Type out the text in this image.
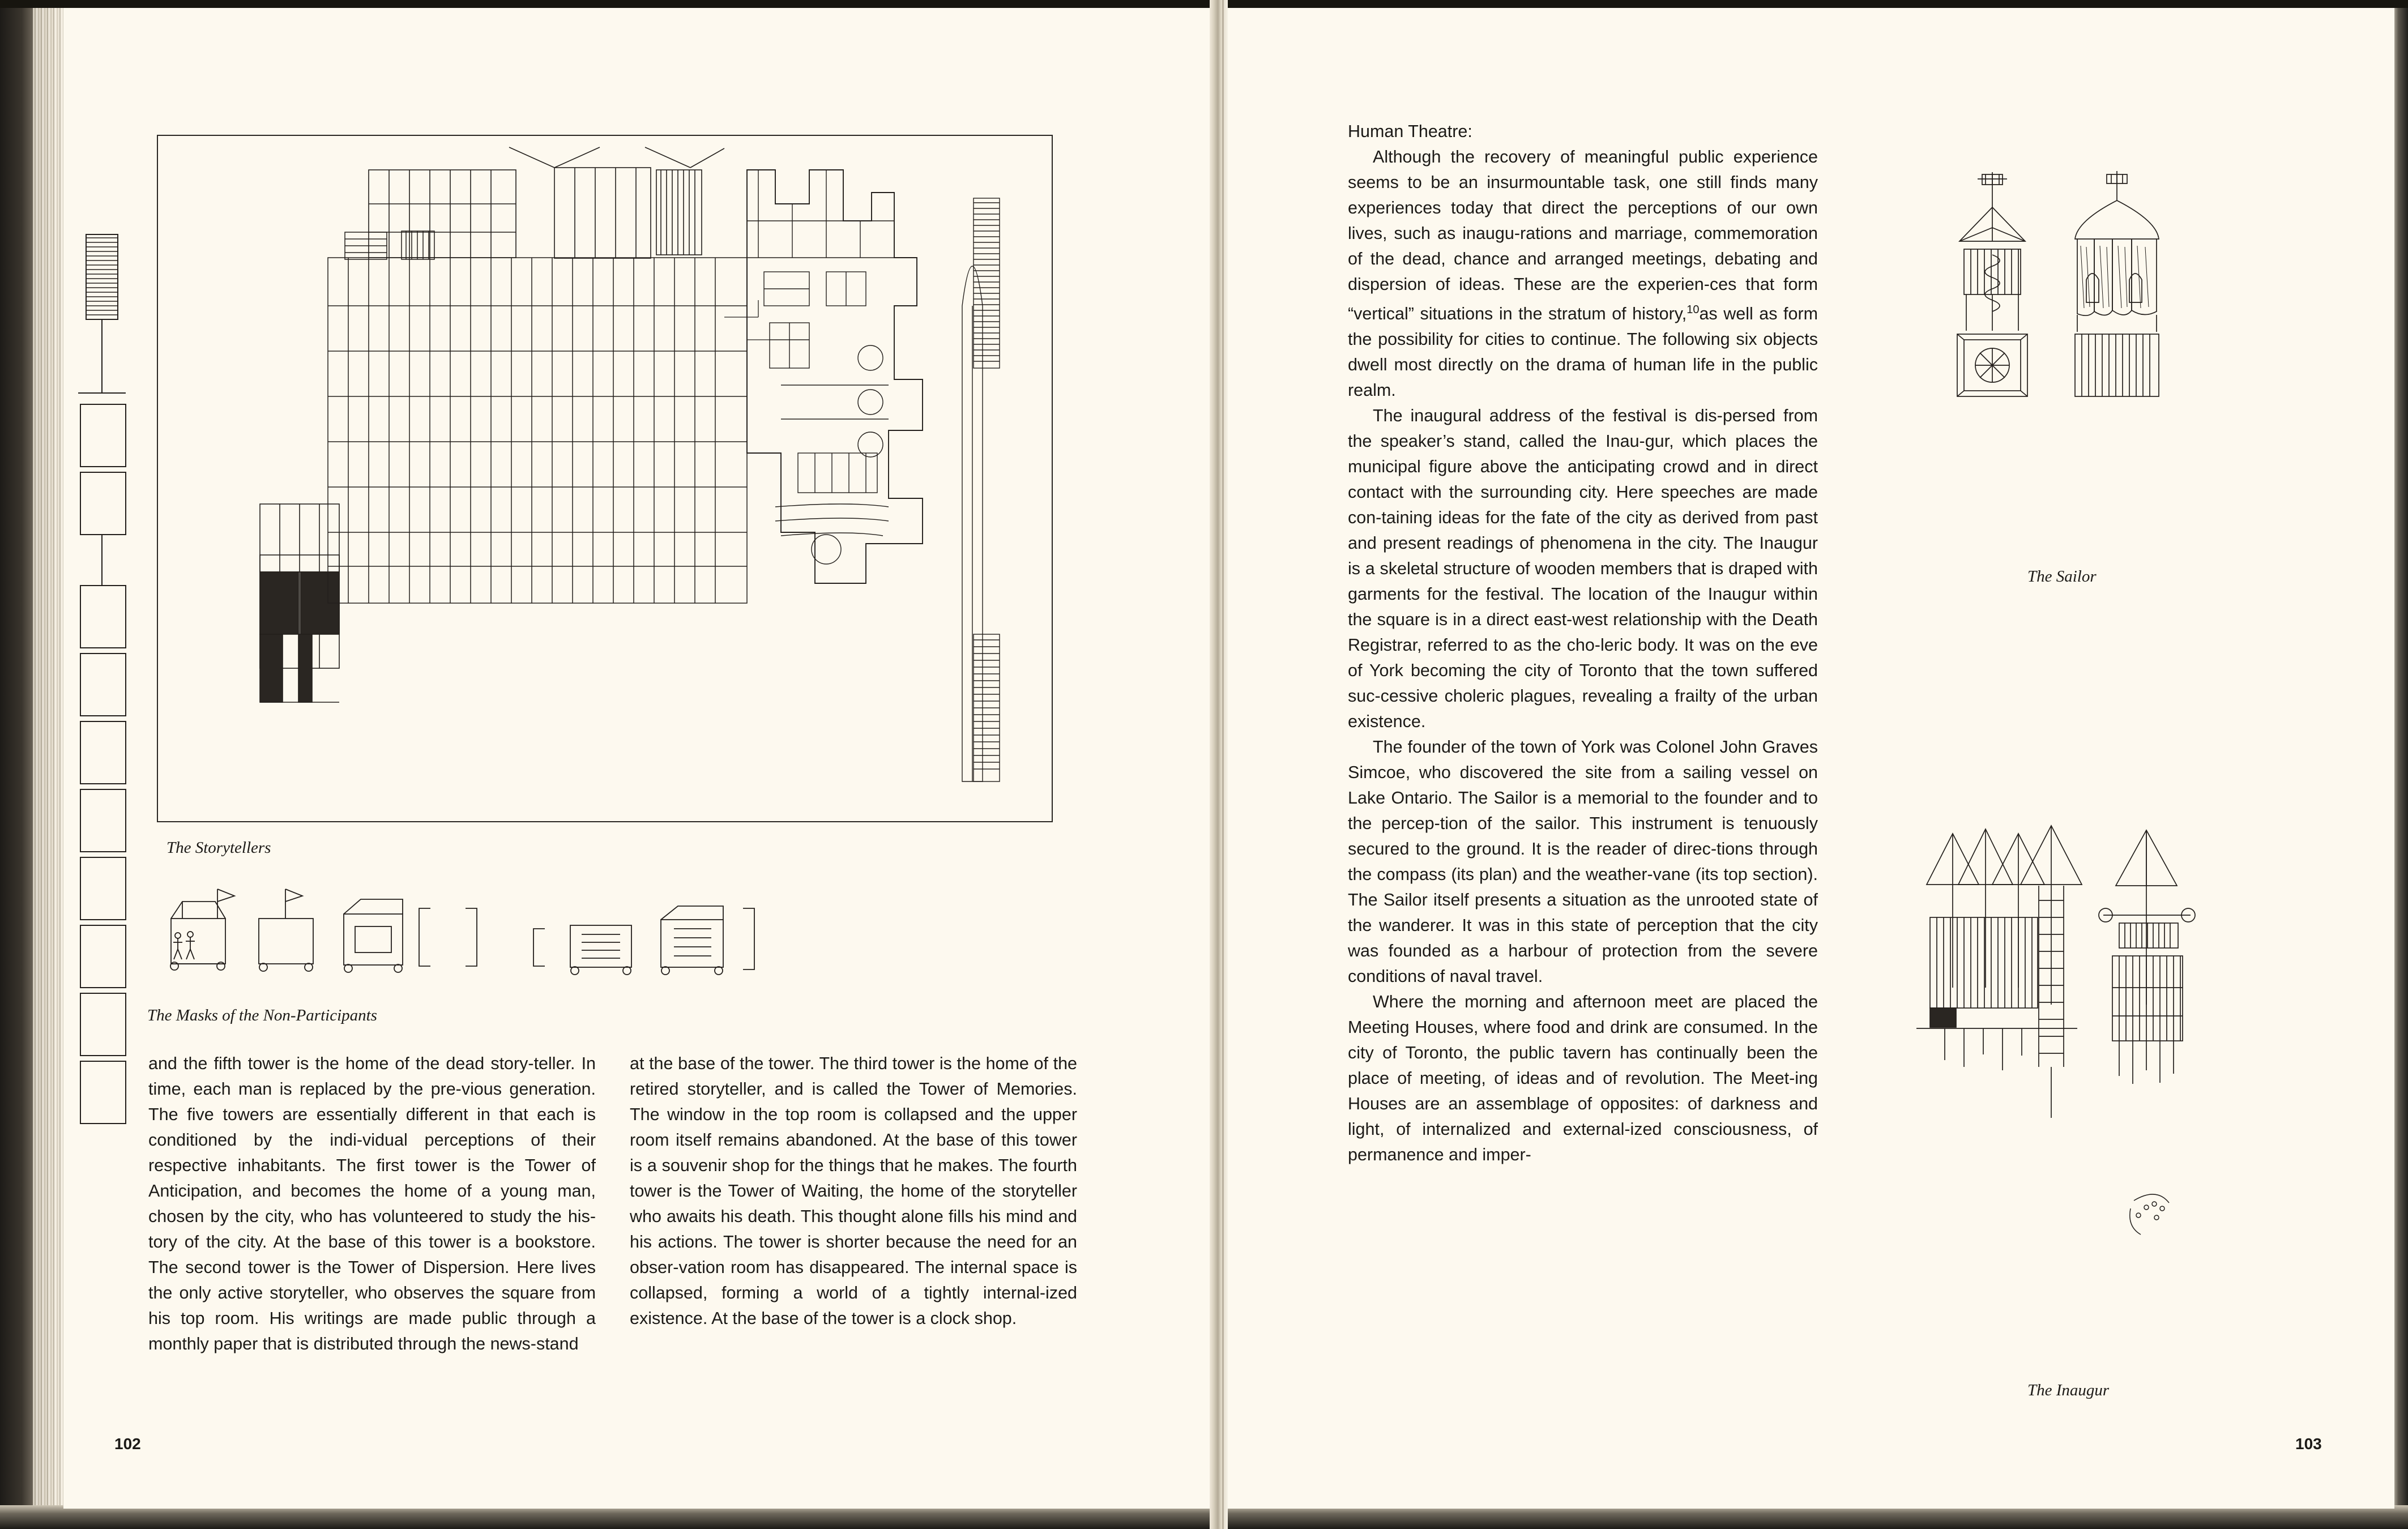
The Storytellers
The Masks of the Non-Participants

and the fifth tower is the home of the dead story-teller. In time, each man is replaced by the pre-vious generation. The five towers are essentially different in that each is conditioned by the indi-vidual perceptions of their respective inhabitants. The first tower is the Tower of Anticipation, and becomes the home of a young man, chosen by the city, who has volunteered to study the his-tory of the city. At the base of this tower is a bookstore. The second tower is the Tower of Dispersion. Here lives the only active storyteller, who observes the square from his top room. His writings are made public through a monthly paper that is distributed through the news-stand

at the base of the tower. The third tower is the home of the retired storyteller, and is called the Tower of Memories. The window in the top room is collapsed and the upper room itself remains abandoned. At the base of this tower is a souvenir shop for the things that he makes. The fourth tower is the Tower of Waiting, the home of the storyteller who awaits his death. This thought alone fills his mind and his actions. The tower is shorter because the need for an obser-vation room has disappeared. The internal space is collapsed, forming a world of a tightly internal-ized existence. At the base of the tower is a clock shop.

102

Human Theatre:

Although the recovery of meaningful public experience seems to be an insurmountable task, one still finds many experiences today that direct the perceptions of our own lives, such as inaugu-rations and marriage, commemoration of the dead, chance and arranged meetings, debating and dispersion of ideas. These are the experien-ces that form “vertical” situations in the stratum of history,$^{10}$as well as form the possibility for cities to continue. The following six objects dwell most directly on the drama of human life in the public realm.

The inaugural address of the festival is dis-persed from the speaker’s stand, called the Inau-gur, which places the municipal figure above the anticipating crowd and in direct contact with the surrounding city. Here speeches are made con-taining ideas for the fate of the city as derived from past and present readings of phenomena in the city. The Inaugur is a skeletal structure of wooden members that is draped with garments for the festival. The location of the Inaugur within the square is in a direct east-west relationship with the Death Registrar, referred to as the cho-leric body. It was on the eve of York becoming the city of Toronto that the town suffered suc-cessive choleric plagues, revealing a frailty of the urban existence.

The founder of the town of York was Colonel John Graves Simcoe, who discovered the site from a sailing vessel on Lake Ontario. The Sailor is a memorial to the founder and to the percep-tion of the sailor. This instrument is tenuously secured to the ground. It is the reader of direc-tions through the compass (its plan) and the weather-vane (its top section). The Sailor itself presents a situation as the unrooted state of the wanderer. It was in this state of perception that the city was founded as a harbour of protection from the severe conditions of naval travel.

Where the morning and afternoon meet are placed the Meeting Houses, where food and drink are consumed. In the city of Toronto, the public tavern has continually been the place of meeting, of ideas and of revolution. The Meet-ing Houses are an assemblage of opposites: of darkness and light, of internalized and external-ized consciousness, of permanence and imper-

The Sailor
The Inaugur
103
